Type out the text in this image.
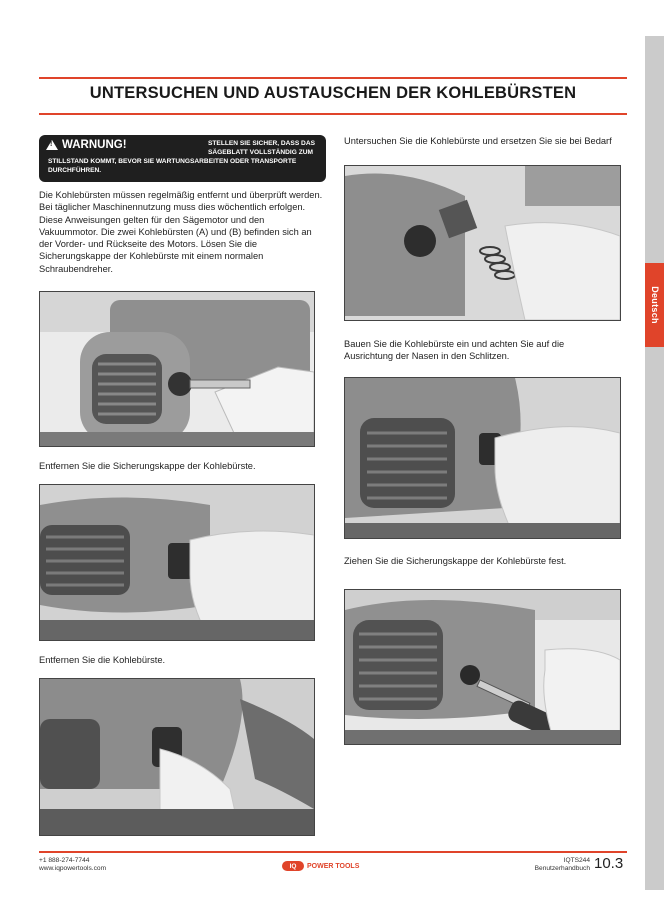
UNTERSUCHEN UND AUSTAUSCHEN DER KOHLEBÜRSTEN
Deutsch
!
WARNUNG!	STELLEN SIE SICHER, DASS DAS SÄGEBLATT VOLLSTÄNDIG ZUM
STILLSTAND KOMMT, BEVOR SIE WARTUNGSARBEITEN ODER TRANSPORTE DURCHFÜHREN.
Die Kohlebürsten müssen regelmäßig entfernt und überprüft werden. Bei täglicher Maschinennutzung muss dies wöchentlich erfolgen. Diese Anweisungen gelten für den Sägemotor und den Vakuummotor. Die zwei Kohlebürsten (A) und (B) befinden sich an der Vorder- und Rückseite des Motors. Lösen Sie die Sicherungskappe der Kohlebürste mit einem normalen Schraubendreher.
Entfernen Sie die Sicherungskappe der Kohlebürste.
Entfernen Sie die Kohlebürste.
Untersuchen Sie die Kohlebürste und ersetzen Sie sie bei Bedarf
Bauen Sie die Kohlebürste ein und achten Sie auf die Ausrichtung der Nasen in den Schlitzen.
Ziehen Sie die Sicherungskappe der Kohlebürste fest.
+1 888-274-7744
www.iqpowertools.com	IQ	POWER TOOLS
IQTS244
Benutzerhandbuch 10.3
